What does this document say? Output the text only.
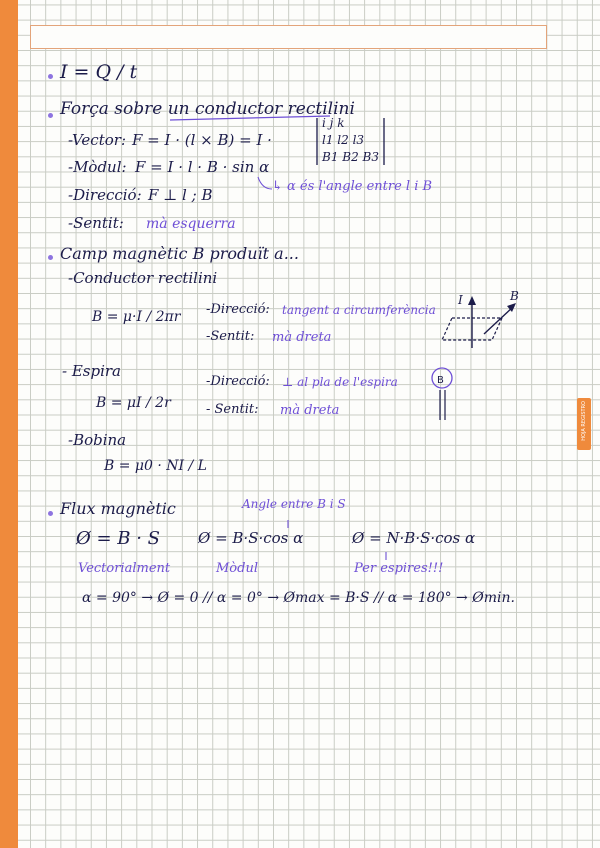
HOJA REGISTRO
I = Q / t
Força sobre un conductor rectilini
-Vector: F = I · (l × B) = I ·
i j k
l1 l2 l3
B1 B2 B3
-Mòdul: F = I · l · B · sin α
-Direcció: F ⊥ l ; B	↳ α és l'angle entre l i B
-Sentit: mà esquerra
Camp magnètic B produït a...
-Conductor rectilini
B = μ·I / 2πr -Direcció: tangent a circumferència
-Sentit: mà dreta
- Espira
B = μI / 2r
-Direcció: ⊥ al pla de l'espira
- Sentit: mà dreta
-Bobina
B = μ0 · NI / L
Flux magnètic	Angle entre B i S
Ø = B · S	Ø = B·S·cos α	Ø = N·B·S·cos α
Vectorialment	Mòdul	Per espires!!!
α = 90° → Ø = 0 // α = 0° → Ømax = B·S // α = 180° → Ømin.
I	B
B
